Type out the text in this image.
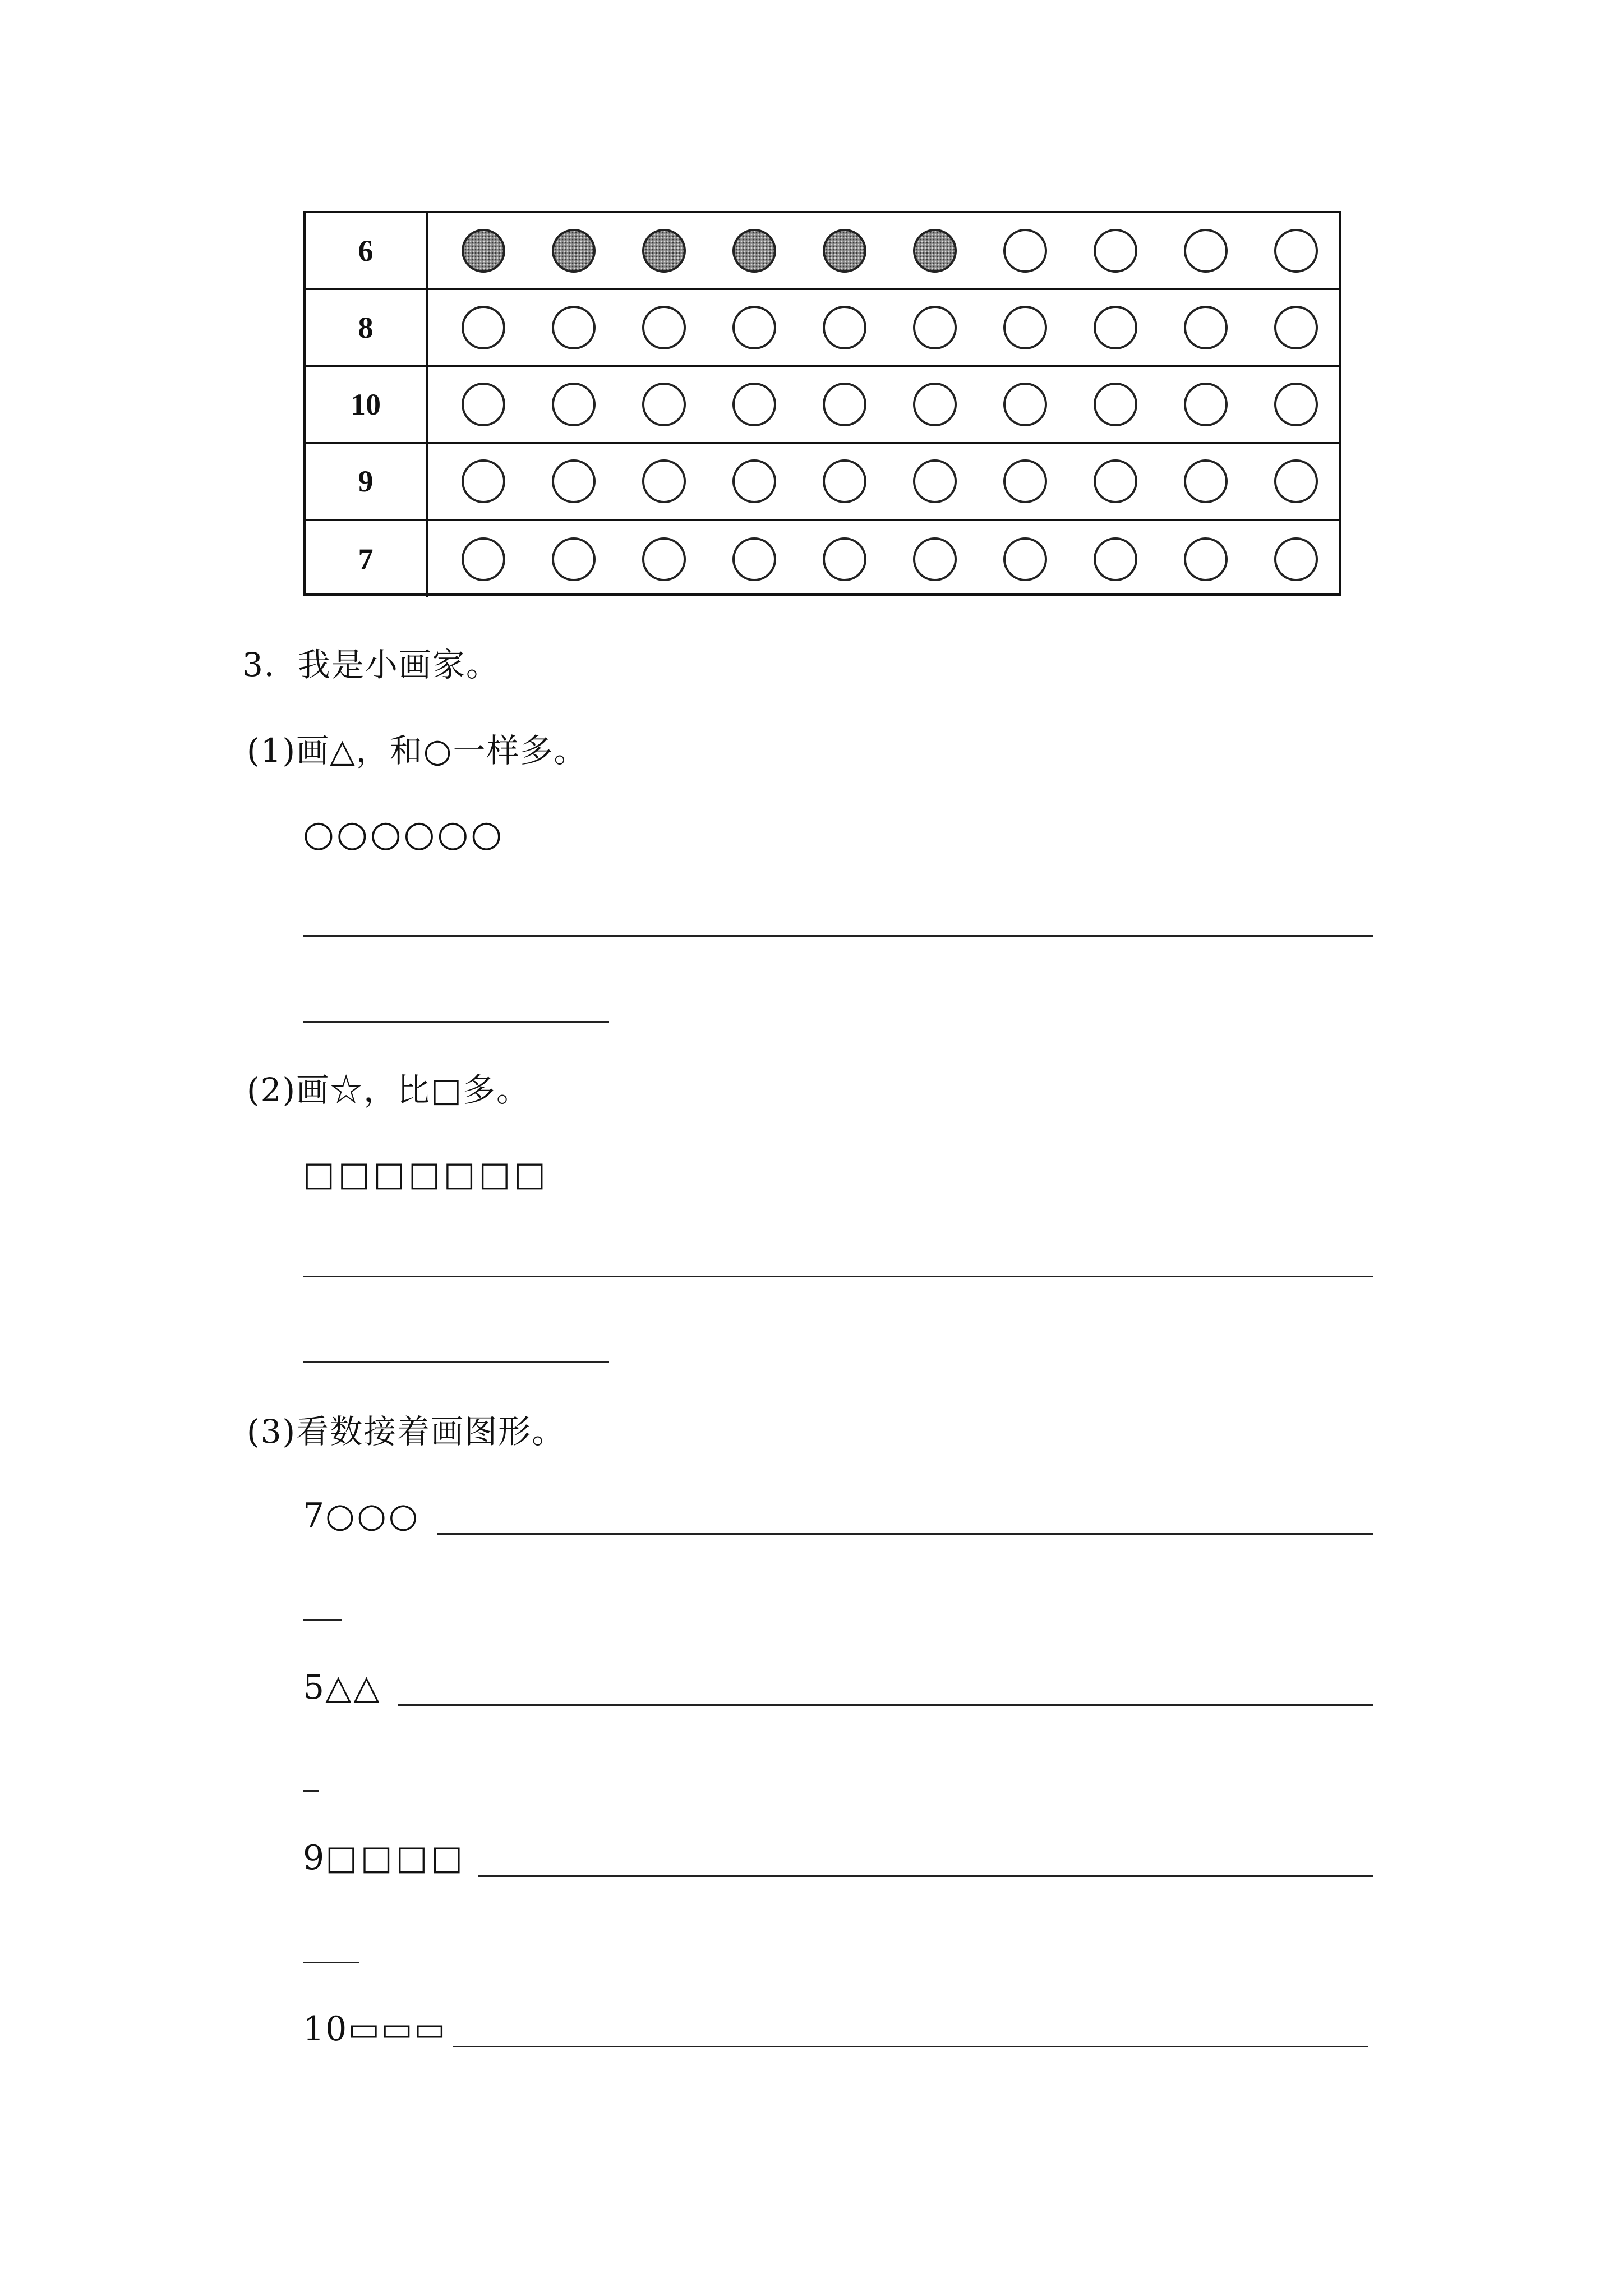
6
8
10
9
7
3．我是小画家。
(1)画△，和○一样多。
○○○○○○
(2)画☆，比□多。
□□□□□□□
(3)看数接着画图形。
7○○○
5△△
9□□□□
10▭▭▭
